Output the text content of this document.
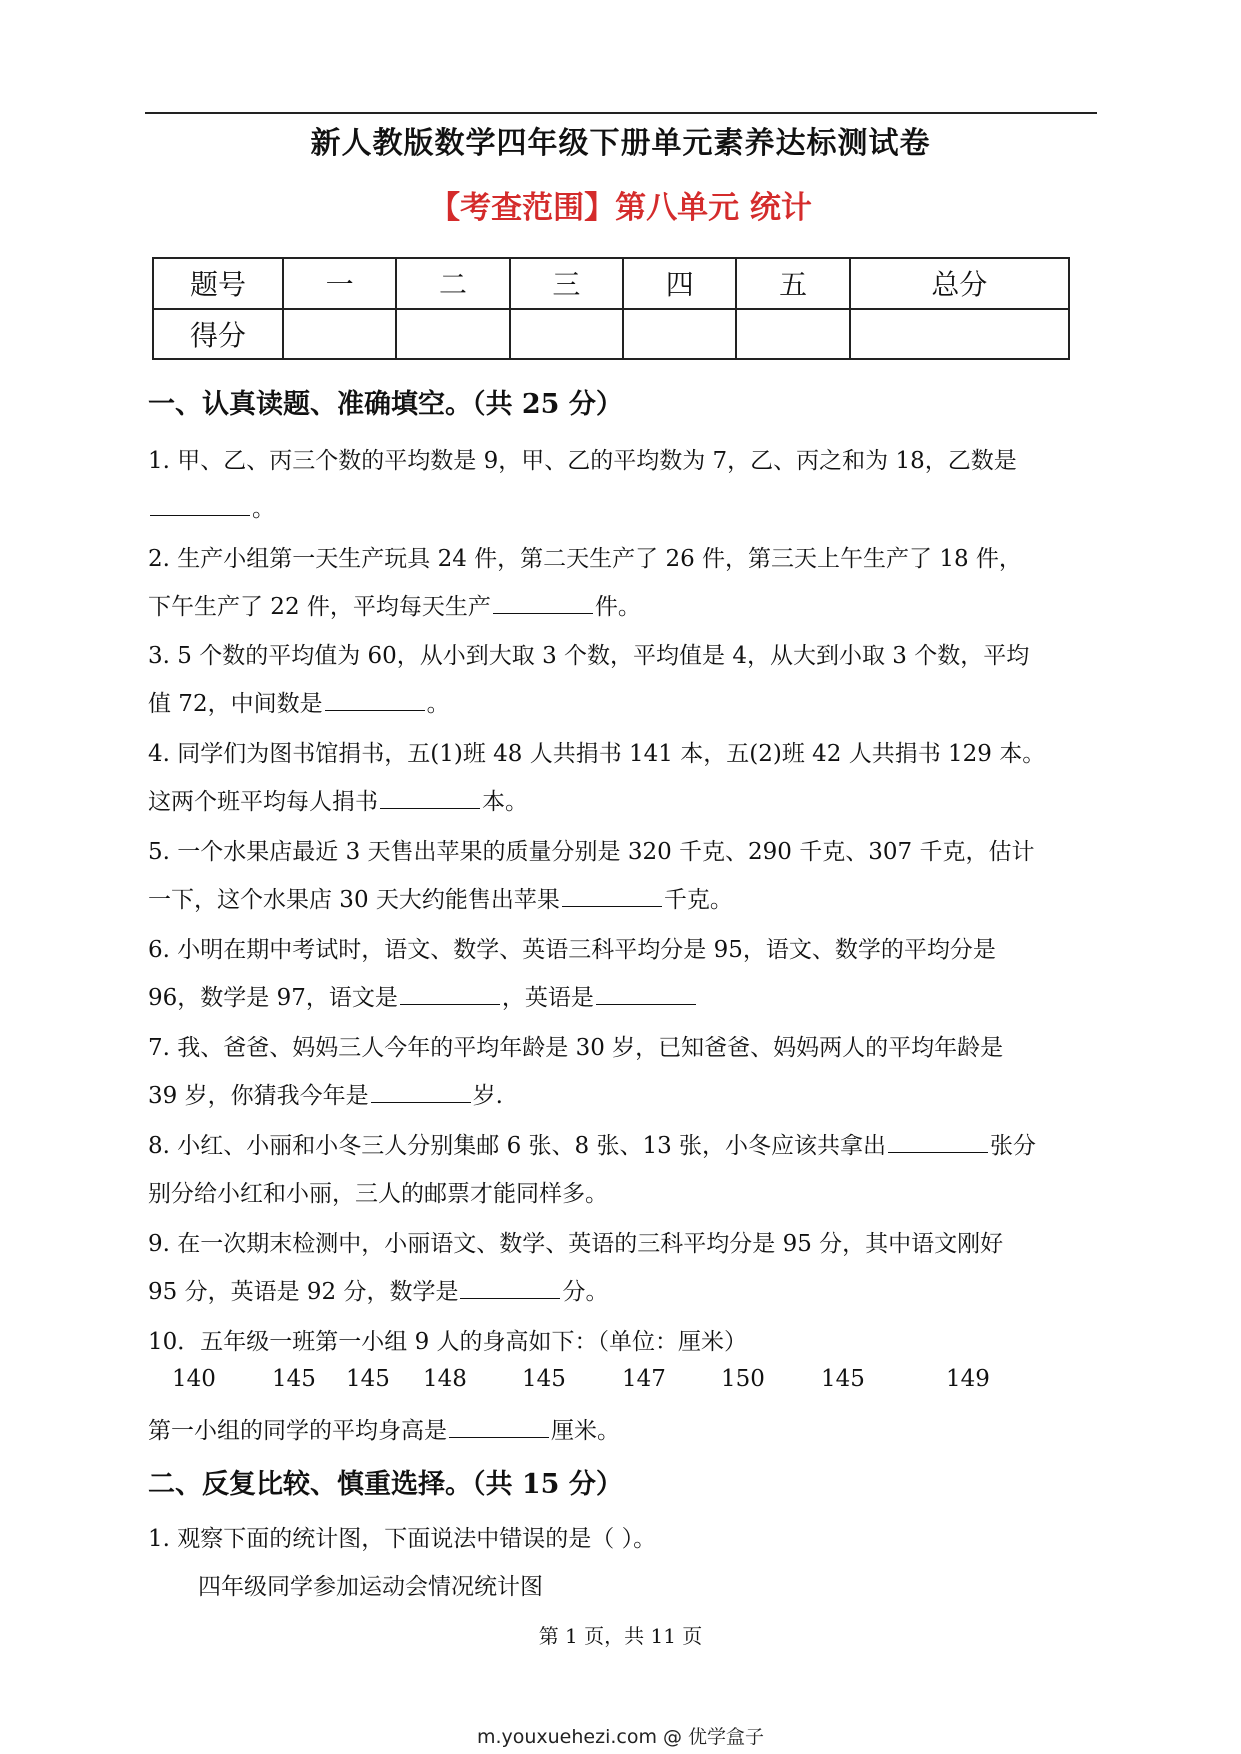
新人教版数学四年级下册单元素养达标测试卷
【考查范围】第八单元 统计
题号	一	二	三	四	五	总分
得分						
一、认真读题、准确填空。（共 25 分）
1. 甲、乙、丙三个数的平均数是 9，甲、乙的平均数为 7，乙、丙之和为 18，乙数是
。
2. 生产小组第一天生产玩具 24 件，第二天生产了 26 件，第三天上午生产了 18 件，
下午生产了 22 件，平均每天生产	件。
3. 5 个数的平均值为 60，从小到大取 3 个数，平均值是 4，从大到小取 3 个数，平均
值 72，中间数是	。
4. 同学们为图书馆捐书，五(1)班 48 人共捐书 141 本，五(2)班 42 人共捐书 129 本。
这两个班平均每人捐书	本。
5. 一个水果店最近 3 天售出苹果的质量分别是 320 千克、290 千克、307 千克，估计
一下，这个水果店 30 天大约能售出苹果	千克。
6. 小明在期中考试时，语文、数学、英语三科平均分是 95，语文、数学的平均分是
96，数学是 97，语文是	，英语是
7. 我、爸爸、妈妈三人今年的平均年龄是 30 岁，已知爸爸、妈妈两人的平均年龄是
39 岁，你猜我今年是	岁.
8. 小红、小丽和小冬三人分别集邮 6 张、8 张、13 张，小冬应该共拿出	张分
别分给小红和小丽，三人的邮票才能同样多。
9. 在一次期末检测中，小丽语文、数学、英语的三科平均分是 95 分，其中语文刚好
95 分，英语是 92 分，数学是	分。
10．五年级一班第一小组 9 人的身高如下：（单位：厘米）
140 145 145 148 145 147 150 145	149
第一小组的同学的平均身高是	厘米。
二、反复比较、慎重选择。（共 15 分）
1. 观察下面的统计图，下面说法中错误的是（ ）。
四年级同学参加运动会情况统计图
第 1 页，共 11 页
m.youxuehezi.com @ 优学盒子
